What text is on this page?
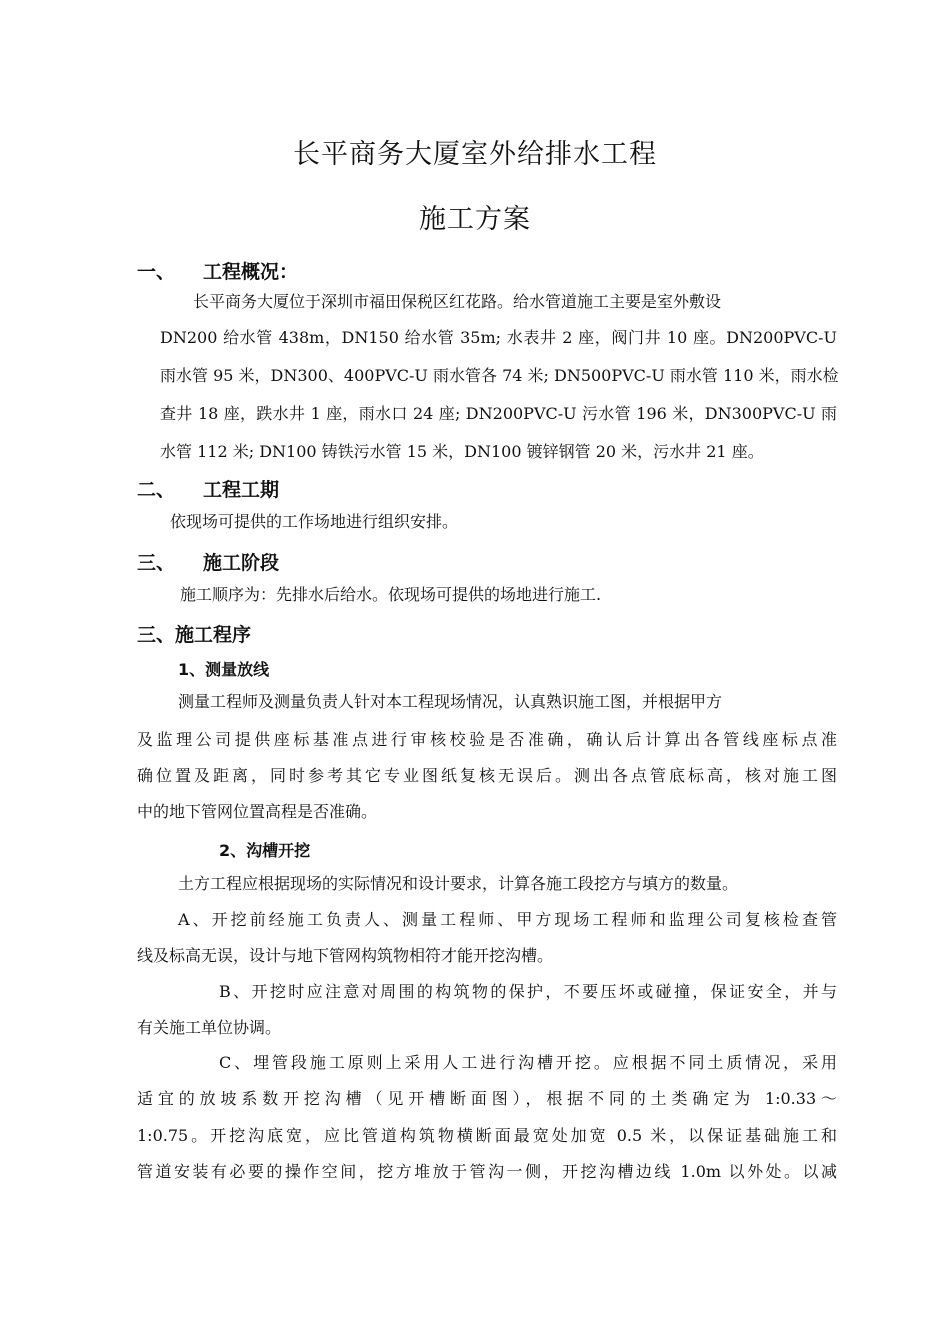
长平商务大厦室外给排水工程
施工方案
一、 工程概况：
长平商务大厦位于深圳市福田保税区红花路。给水管道施工主要是室外敷设
DN200 给水管 438m，DN150 给水管 35m; 水表井 2 座，阀门井 10 座。DN200PVC-U
雨水管 95 米，DN300、400PVC-U 雨水管各 74 米; DN500PVC-U 雨水管 110 米，雨水检
查井 18 座，跌水井 1 座，雨水口 24 座; DN200PVC-U 污水管 196 米，DN300PVC-U 雨
水管 112 米; DN100 铸铁污水管 15 米，DN100 镀锌钢管 20 米，污水井 21 座。
二、 工程工期
依现场可提供的工作场地进行组织安排。
三、 施工阶段
施工顺序为：先排水后给水。依现场可提供的场地进行施工.
三、施工程序
1、测量放线
测量工程师及测量负责人针对本工程现场情况，认真熟识施工图，并根据甲方
及监理公司提供座标基准点进行审核校验是否准确，确认后计算出各管线座标点准
确位置及距离，同时参考其它专业图纸复核无误后。测出各点管底标高，核对施工图
中的地下管网位置高程是否准确。
2、沟槽开挖
土方工程应根据现场的实际情况和设计要求，计算各施工段挖方与填方的数量。
A、开挖前经施工负责人、测量工程师、甲方现场工程师和监理公司复核检查管
线及标高无误，设计与地下管网构筑物相符才能开挖沟槽。
B、开挖时应注意对周围的构筑物的保护，不要压坏或碰撞，保证安全，并与
有关施工单位协调。
C、埋管段施工原则上采用人工进行沟槽开挖。应根据不同土质情况，采用
适宜的放坡系数开挖沟槽（见开槽断面图），根据不同的土类确定为 1:0.33～
1:0.75。开挖沟底宽，应比管道构筑物横断面最宽处加宽 0.5 米，以保证基础施工和
管道安装有必要的操作空间，挖方堆放于管沟一侧，开挖沟槽边线 1.0m 以外处。以减
